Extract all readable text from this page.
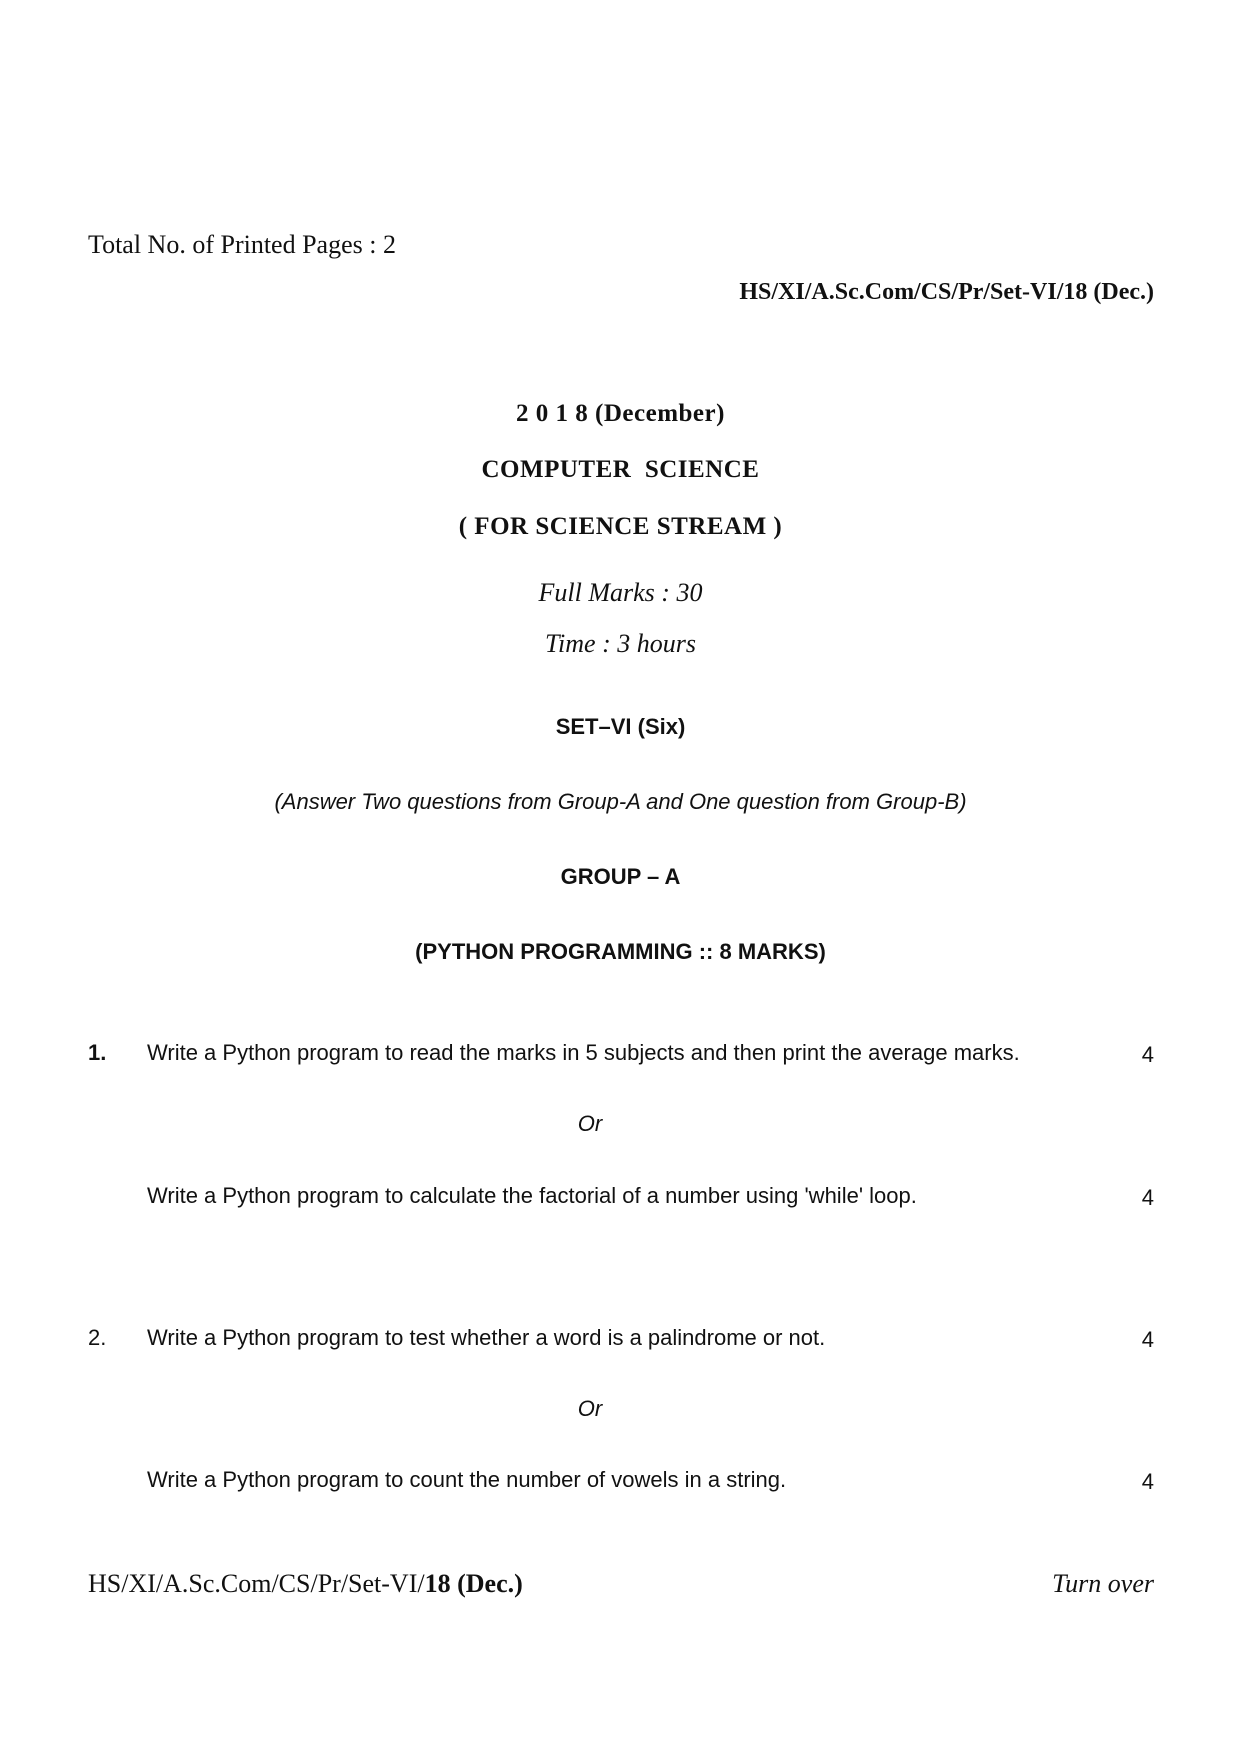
Total No. of Printed Pages : 2
HS/XI/A.Sc.Com/CS/Pr/Set-VI/18 (Dec.)
2 0 1 8 (December)
COMPUTER  SCIENCE
( FOR SCIENCE STREAM )
Full Marks : 30
Time : 3 hours
SET–VI (Six)
(Answer Two questions from Group-A and One question from Group-B)
GROUP – A
(PYTHON PROGRAMMING :: 8 MARKS)
1. Write a Python program to read the marks in 5 subjects and then print the average marks.	4
Or
Write a Python program to calculate the factorial of a number using 'while' loop.	4
2. Write a Python program to test whether a word is a palindrome or not.	4
Or
Write a Python program to count the number of vowels in a string.	4
HS/XI/A.Sc.Com/CS/Pr/Set-VI/18 (Dec.)	Turn over
